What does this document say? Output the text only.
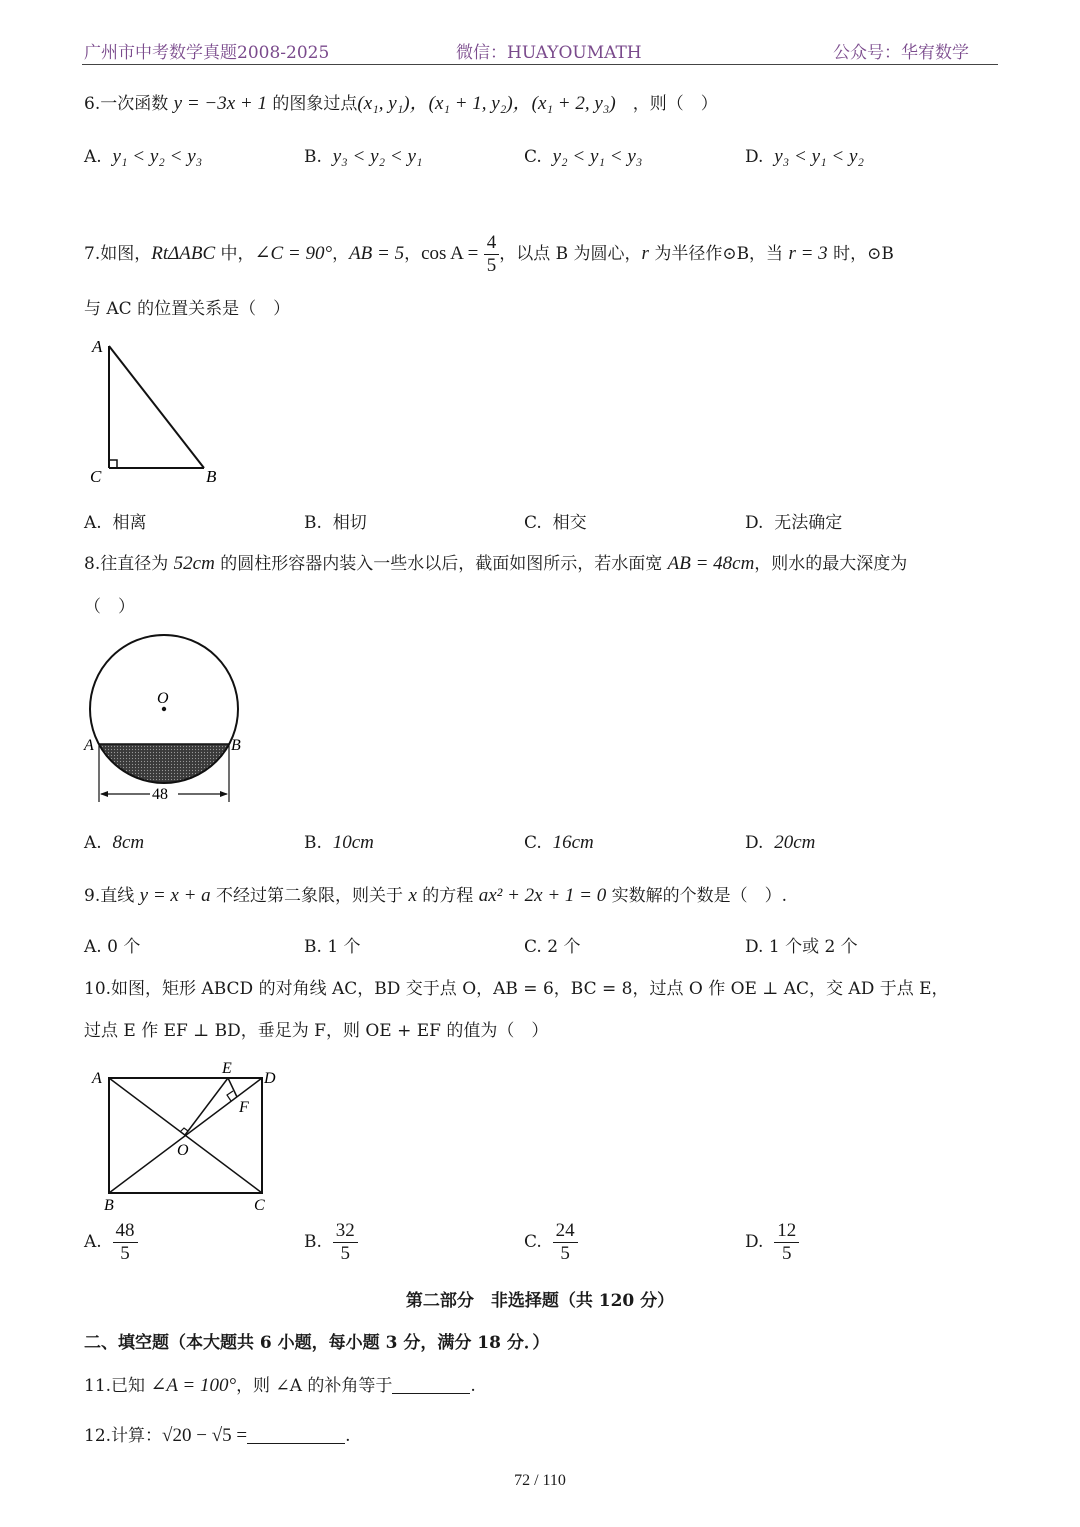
广州市中考数学真题2008-2025	微信：HUAYOUMATH	公众号：华宥数学
6.一次函数 y = −3x + 1 的图象过点(x₁, y₁)，(x₁ + 1, y₂)，(x₁ + 2, y₃)　，则（　）
A. y₁ < y₂ < y₃	B. y₃ < y₂ < y₁	C. y₂ < y₁ < y₃	D. y₃ < y₁ < y₂
7.如图，RtΔABC 中，∠C = 90°，AB = 5，$\cos A = \frac{4}{5}$ ，以点 B 为圆心，r 为半径作⊙B，当 r = 3 时，⊙B
与 AC 的位置关系是（　）
A
C	B
A. 相离	B. 相切	C. 相交	D. 无法确定
8.往直径为 52cm 的圆柱形容器内装入一些水以后，截面如图所示，若水面宽 AB = 48cm，则水的最大深度为
（　）
O
A	B
48
A. 8cm	B. 10cm	C. 16cm	D. 20cm
9.直线 y = x + a 不经过第二象限，则关于 x 的方程 ax² + 2x + 1 = 0 实数解的个数是（　）.
A. 0 个	B. 1 个	C. 2 个	D. 1 个或 2 个
10.如图，矩形 ABCD 的对角线 AC，BD 交于点 O，AB = 6，BC = 8，过点 O 作 OE ⊥ AC，交 AD 于点 E，
过点 E 作 EF ⊥ BD，垂足为 F，则 OE + EF 的值为（　）
A	D
E
F
O
B	C
A. $\frac{48}{5}$	B. $\frac{32}{5}$	C. $\frac{24}{5}$	D. $\frac{12}{5}$
第二部分　非选择题（共 120 分）
二、填空题（本大题共 6 小题，每小题 3 分，满分 18 分．）
11.已知 ∠A = 100°，则 ∠A 的补角等于	.
12.计算：√20 − √5 =	.
72 / 110
